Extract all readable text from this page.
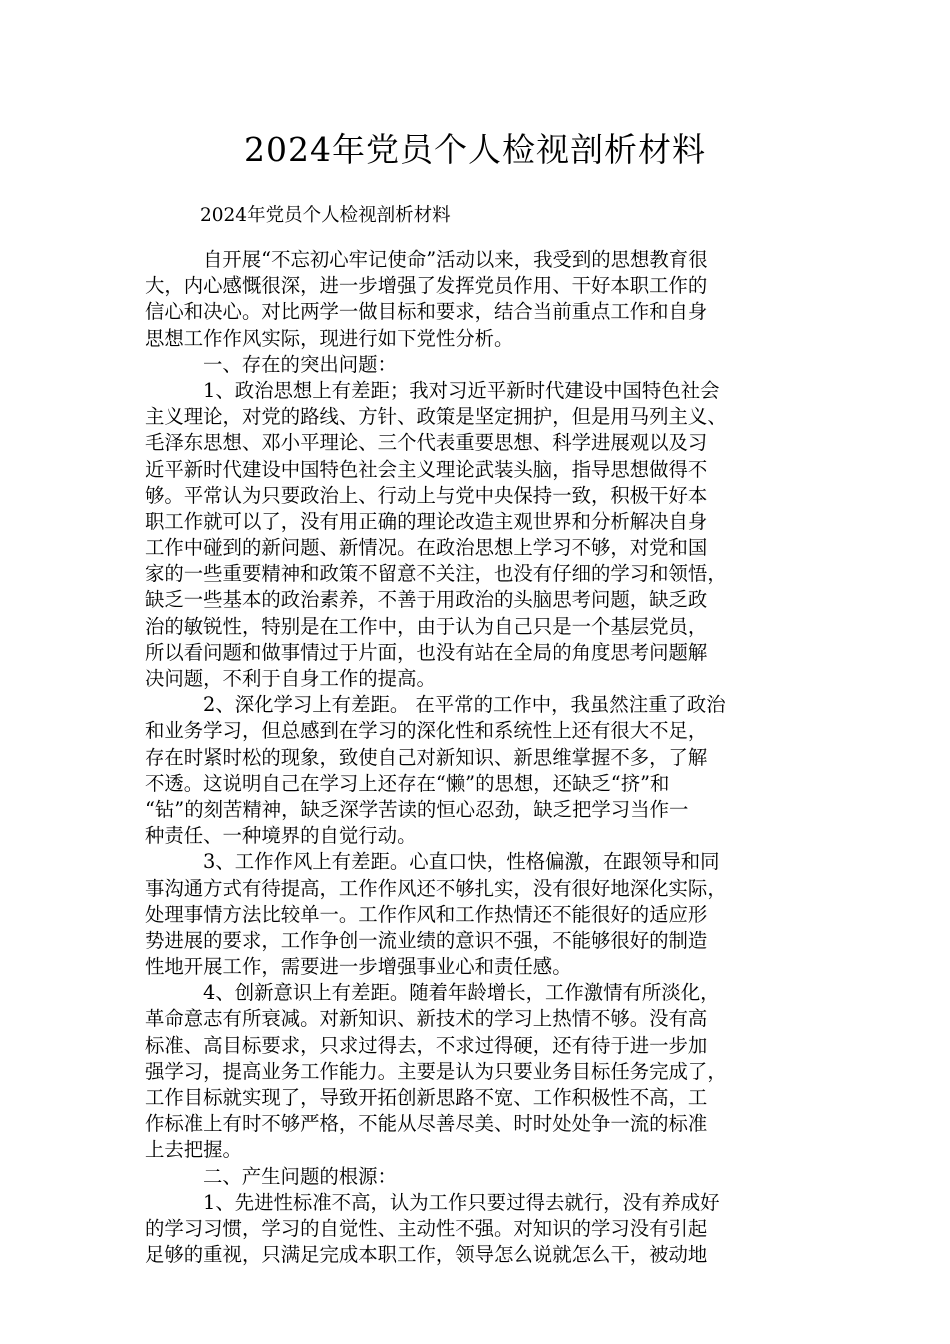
2024年党员个人检视剖析材料
2024年党员个人检视剖析材料
自开展“不忘初心牢记使命”活动以来，我受到的思想教育很
大，内心感慨很深，进一步增强了发挥党员作用、干好本职工作的
信心和决心。对比两学一做目标和要求，结合当前重点工作和自身
思想工作作风实际，现进行如下党性分析。
一、存在的突出问题：
1、政治思想上有差距；我对习近平新时代建设中国特色社会
主义理论，对党的路线、方针、政策是坚定拥护，但是用马列主义、
毛泽东思想、邓小平理论、三个代表重要思想、科学进展观以及习
近平新时代建设中国特色社会主义理论武装头脑，指导思想做得不
够。平常认为只要政治上、行动上与党中央保持一致，积极干好本
职工作就可以了，没有用正确的理论改造主观世界和分析解决自身
工作中碰到的新问题、新情况。在政治思想上学习不够，对党和国
家的一些重要精神和政策不留意不关注，也没有仔细的学习和领悟，
缺乏一些基本的政治素养，不善于用政治的头脑思考问题，缺乏政
治的敏锐性，特别是在工作中，由于认为自己只是一个基层党员，
所以看问题和做事情过于片面，也没有站在全局的角度思考问题解
决问题，不利于自身工作的提高。
2、深化学习上有差距。 在平常的工作中，我虽然注重了政治
和业务学习，但总感到在学习的深化性和系统性上还有很大不足，
存在时紧时松的现象，致使自己对新知识、新思维掌握不多，了解
不透。这说明自己在学习上还存在“懒”的思想，还缺乏“挤”和
“钻”的刻苦精神，缺乏深学苦读的恒心忍劲，缺乏把学习当作一
种责任、一种境界的自觉行动。
3、工作作风上有差距。心直口快，性格偏激，在跟领导和同
事沟通方式有待提高，工作作风还不够扎实，没有很好地深化实际，
处理事情方法比较单一。工作作风和工作热情还不能很好的适应形
势进展的要求，工作争创一流业绩的意识不强，不能够很好的制造
性地开展工作，需要进一步增强事业心和责任感。
4、创新意识上有差距。随着年龄增长，工作激情有所淡化，
革命意志有所衰减。对新知识、新技术的学习上热情不够。没有高
标准、高目标要求，只求过得去，不求过得硬，还有待于进一步加
强学习，提高业务工作能力。主要是认为只要业务目标任务完成了，
工作目标就实现了，导致开拓创新思路不宽、工作积极性不高，工
作标准上有时不够严格，不能从尽善尽美、时时处处争一流的标准
上去把握。
二、产生问题的根源：
1、先进性标准不高，认为工作只要过得去就行，没有养成好
的学习习惯，学习的自觉性、主动性不强。对知识的学习没有引起
足够的重视，只满足完成本职工作，领导怎么说就怎么干，被动地
